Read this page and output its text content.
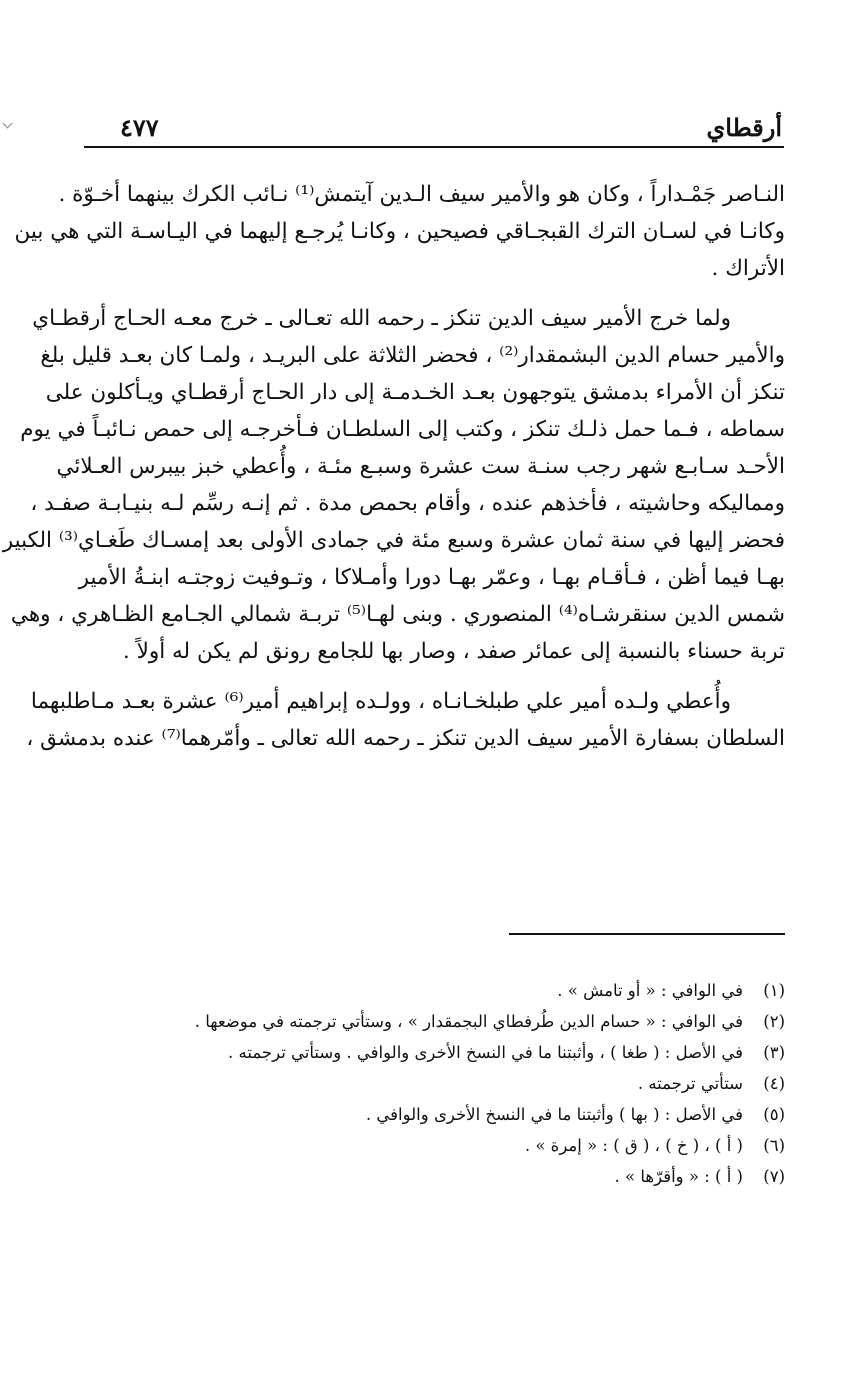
أرقطاي
٤٧٧

النـاصر جَمْـداراً ، وكان هو والأمير سيف الـدين آيتمش⁽¹⁾ نـائب الكرك بينهما أخـوّة .
وكانـا في لسـان الترك القبجـاقي فصيحين ، وكانـا يُرجـع إليهما في اليـاسـة التي هي بين
الأتراك .

ولما خرج الأمير سيف الدين تنكز ـ رحمه الله تعـالى ـ خرج معـه الحـاج أرقطـاي
والأمير حسام الدين البشمقدار⁽²⁾ ، فحضر الثلاثة على البريـد ، ولمـا كان بعـد قليل بلغ
تنكز أن الأمراء بدمشق يتوجهون بعـد الخـدمـة إلى دار الحـاج أرقطـاي ويـأكلون على
سماطه ، فـما حمل ذلـك تنكز ، وكتب إلى السلطـان فـأخرجـه إلى حمص نـائبـاً في يوم
الأحـد سـابـع شهر رجب سنـة ست عشرة وسبـع مئـة ، وأُعطي خبز بيبرس العـلائي
ومماليكه وحاشيته ، فأخذهم عنده ، وأقام بحمص مدة . ثم إنـه رسِّم لـه بنيـابـة صفـد ،
فحضر إليها في سنة ثمان عشرة وسبع مئة في جمادى الأولى بعد إمسـاك طَغـاي⁽³⁾ الكبير
بهـا فيما أظن ، فـأقـام بهـا ، وعمّر بهـا دورا وأمـلاكا ، وتـوفيت زوجتـه ابنـةُ الأمير
شمس الدين سنقرشـاه⁽⁴⁾ المنصوري . وبنى لهـا⁽⁵⁾ تربـة شمالي الجـامع الظـاهري ، وهي
تربة حسناء بالنسبة إلى عمائر صفد ، وصار بها للجامع رونق لم يكن له أولاً .

وأُعطي ولـده أمير علي طبلخـانـاه ، وولـده إبراهيم أمير⁽⁶⁾ عشرة بعـد مـاطلبهما
السلطان بسفارة الأمير سيف الدين تنكز ـ رحمه الله تعالى ـ وأمّرهما⁽⁷⁾ عنده بدمشق ،

(١)
في الوافي : « أو تامش » .
(٢)
في الوافي : « حسام الدين طُرفطاي البجمقدار » ، وستأتي ترجمته في موضعها .
(٣)
في الأصل : ( طغا ) ، وأثبتنا ما في النسخ الأخرى والوافي . وستأتي ترجمته .
(٤)
ستأتي ترجمته .
(٥)
في الأصل : ( بها ) وأثبتنا ما في النسخ الأخرى والوافي .
(٦)
( أ ) ، ( خ ) ، ( ق ) : « إمرة » .
(٧)
( أ ) : « وأقرّها » .
